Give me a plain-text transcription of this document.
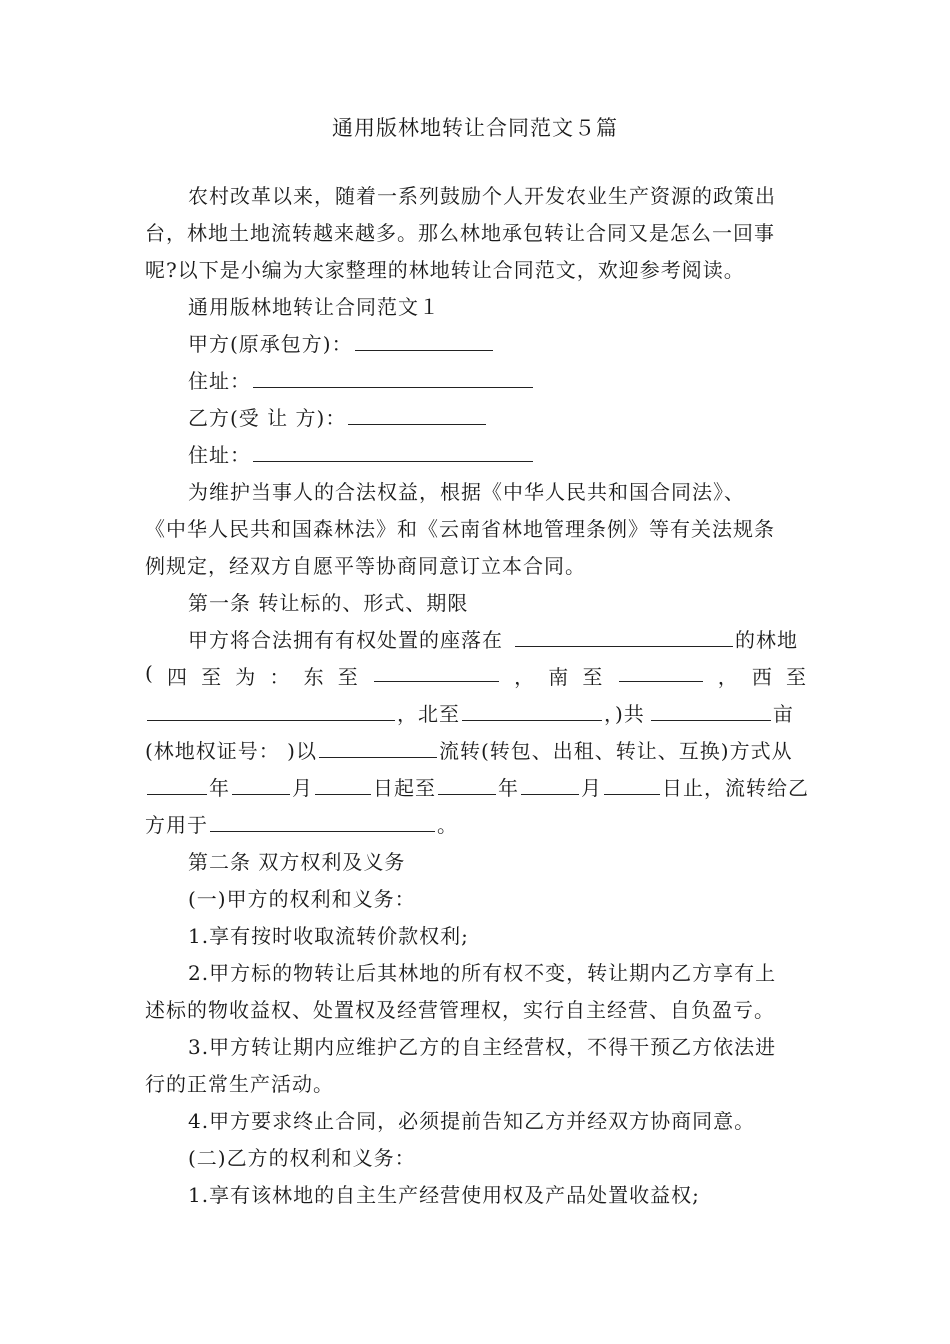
通用版林地转让合同范文５篇
农村改革以来，随着一系列鼓励个人开发农业生产资源的政策出
台，林地土地流转越来越多。那么林地承包转让合同又是怎么一回事
呢?以下是小编为大家整理的林地转让合同范文，欢迎参考阅读。
通用版林地转让合同范文１
甲方(原承包方)：
住址：
乙方(受 让 方)：
住址：
为维护当事人的合法权益，根据《中华人民共和国合同法》、
《中华人民共和国森林法》和《云南省林地管理条例》等有关法规条
例规定，经双方自愿平等协商同意订立本合同。
第一条 转让标的、形式、期限
甲方将合法拥有有权处置的座落在	的林地
( 四 至 为 ： 东 至	， 南 至	， 西 至
，北至	，)共	亩
(林地权证号： )以	流转(转包、出租、转让、互换)方式从
年	月	日起至	年	月	日止，流转给乙
方用于	。
第二条 双方权利及义务
(一)甲方的权利和义务：
1.享有按时收取流转价款权利;
2.甲方标的物转让后其林地的所有权不变，转让期内乙方享有上
述标的物收益权、处置权及经营管理权，实行自主经营、自负盈亏。
3.甲方转让期内应维护乙方的自主经营权，不得干预乙方依法进
行的正常生产活动。
4.甲方要求终止合同，必须提前告知乙方并经双方协商同意。
(二)乙方的权利和义务：
1.享有该林地的自主生产经营使用权及产品处置收益权;
